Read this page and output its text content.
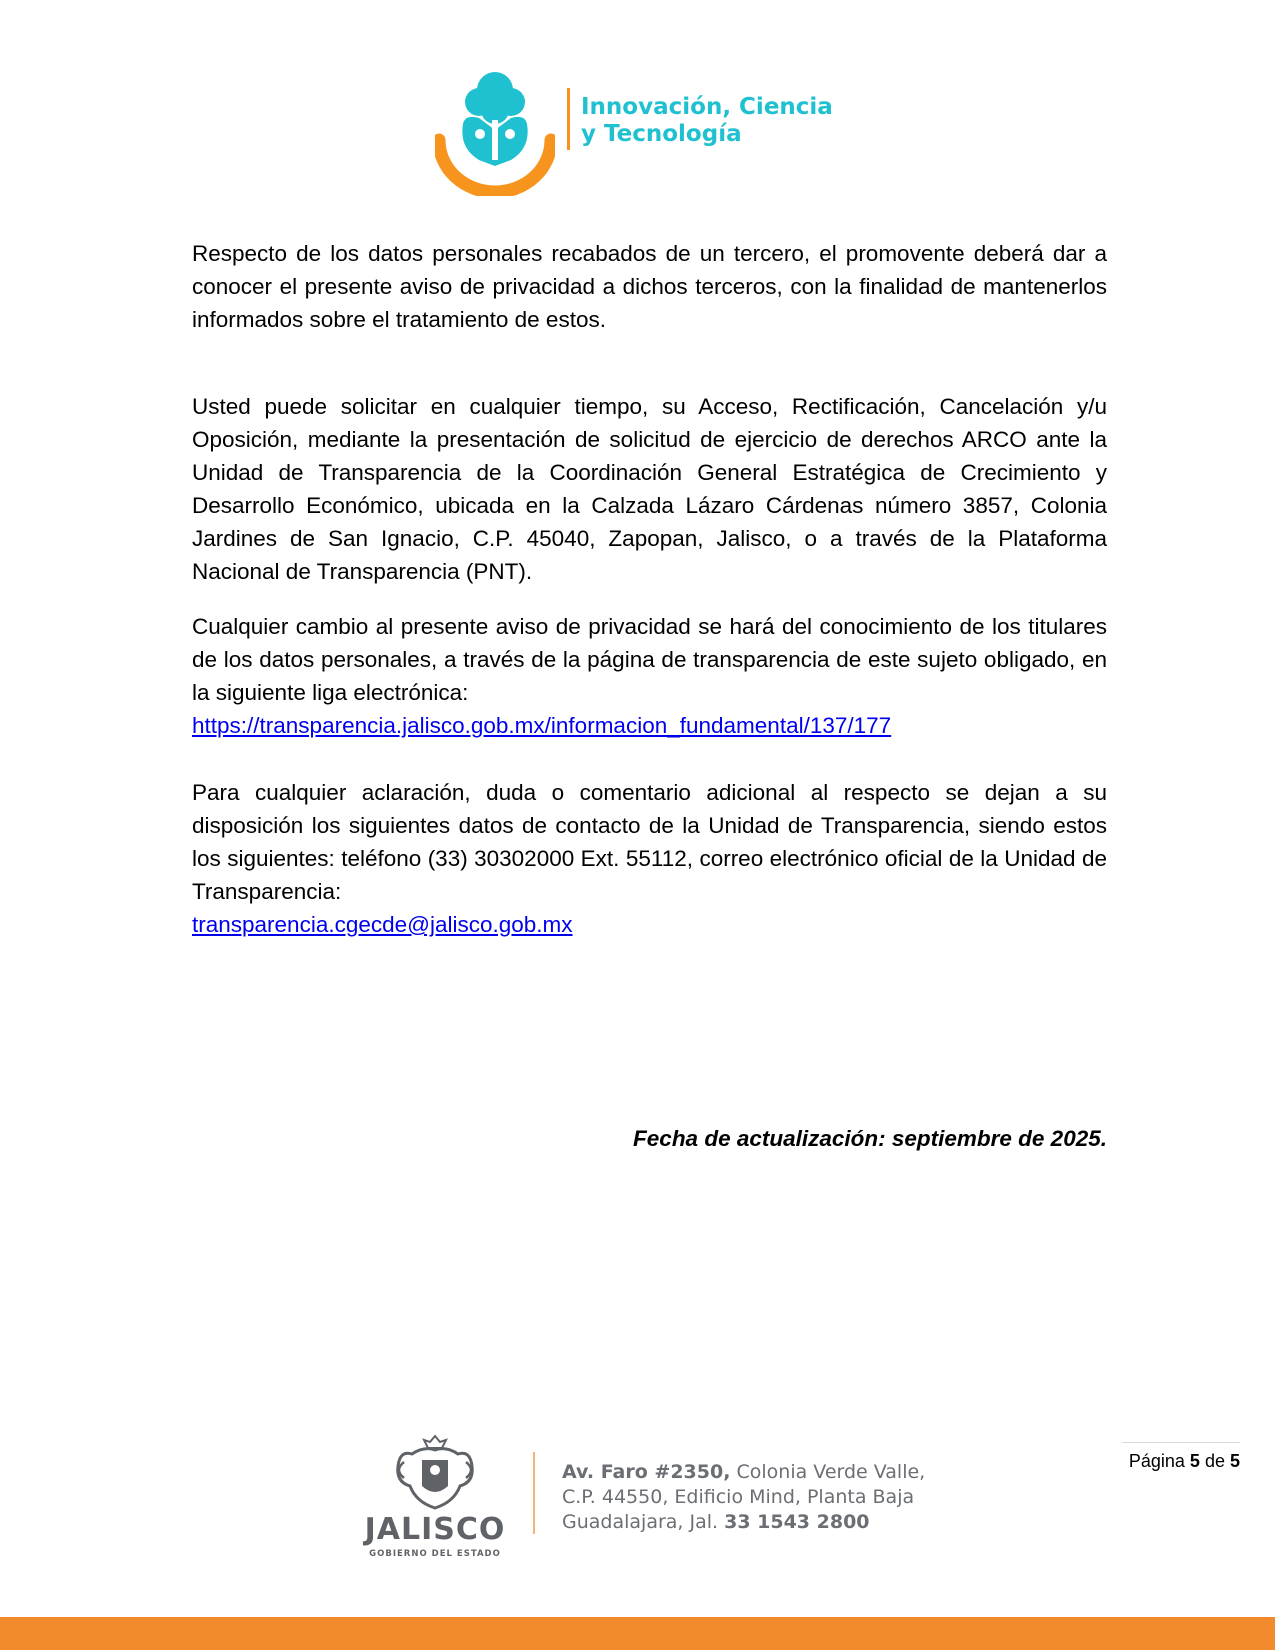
Innovación, Ciencia
y Tecnología

Respecto de los datos personales recabados de un tercero, el promovente deberá dar a conocer el presente aviso de privacidad a dichos terceros, con la finalidad de mantenerlos informados sobre el tratamiento de estos.

Usted puede solicitar en cualquier tiempo, su Acceso, Rectificación, Cancelación y/u Oposición, mediante la presentación de solicitud de ejercicio de derechos ARCO ante la Unidad de Transparencia de la Coordinación General Estratégica de Crecimiento y Desarrollo Económico, ubicada en la Calzada Lázaro Cárdenas número 3857, Colonia Jardines de San Ignacio, C.P. 45040, Zapopan, Jalisco, o a través de la Plataforma Nacional de Transparencia (PNT).

Cualquier cambio al presente aviso de privacidad se hará del conocimiento de los titulares de los datos personales, a través de la página de transparencia de este sujeto obligado, en la siguiente liga electrónica:
https://transparencia.jalisco.gob.mx/informacion_fundamental/137/177
Para cualquier aclaración, duda o comentario adicional al respecto se dejan a su disposición los siguientes datos de contacto de la Unidad de Transparencia, siendo estos los siguientes: teléfono (33) 30302000 Ext. 55112, correo electrónico oficial de la Unidad de Transparencia:
transparencia.cgecde@jalisco.gob.mx
Fecha de actualización: septiembre de 2025.
Página 5 de 5
JALISCO
GOBIERNO DEL ESTADO
Av. Faro #2350, Colonia Verde Valle,
C.P. 44550, Edificio Mind, Planta Baja
Guadalajara, Jal. 33 1543 2800
